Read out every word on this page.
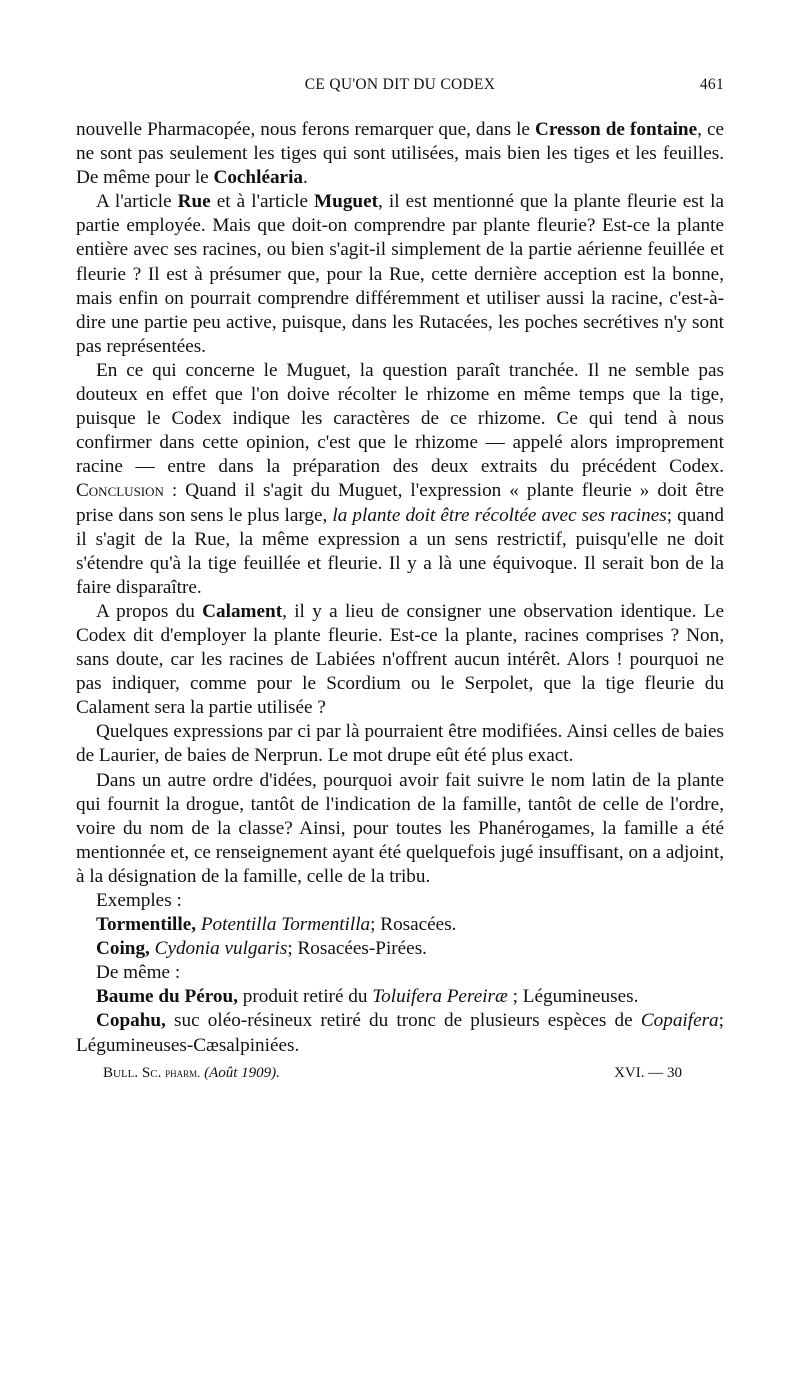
CE QU'ON DIT DU CODEX	461

nouvelle Pharmacopée, nous ferons remarquer que, dans le Cresson de fontaine, ce ne sont pas seulement les tiges qui sont utilisées, mais bien les tiges et les feuilles. De même pour le Cochléaria.

A l'article Rue et à l'article Muguet, il est mentionné que la plante fleurie est la partie employée. Mais que doit-on comprendre par plante fleurie? Est-ce la plante entière avec ses racines, ou bien s'agit-il simplement de la partie aérienne feuillée et fleurie ? Il est à présumer que, pour la Rue, cette dernière acception est la bonne, mais enfin on pourrait comprendre différemment et utiliser aussi la racine, c'est-à-dire une partie peu active, puisque, dans les Rutacées, les poches secrétives n'y sont pas représentées.

En ce qui concerne le Muguet, la question paraît tranchée. Il ne semble pas douteux en effet que l'on doive récolter le rhizome en même temps que la tige, puisque le Codex indique les caractères de ce rhizome. Ce qui tend à nous confirmer dans cette opinion, c'est que le rhizome — appelé alors improprement racine — entre dans la préparation des deux extraits du précédent Codex. Conclusion : Quand il s'agit du Muguet, l'expression « plante fleurie » doit être prise dans son sens le plus large, la plante doit être récoltée avec ses racines; quand il s'agit de la Rue, la même expression a un sens restrictif, puisqu'elle ne doit s'étendre qu'à la tige feuillée et fleurie. Il y a là une équivoque. Il serait bon de la faire disparaître.

A propos du Calament, il y a lieu de consigner une observation identique. Le Codex dit d'employer la plante fleurie. Est-ce la plante, racines comprises ? Non, sans doute, car les racines de Labiées n'offrent aucun intérêt. Alors ! pourquoi ne pas indiquer, comme pour le Scordium ou le Serpolet, que la tige fleurie du Calament sera la partie utilisée ?

Quelques expressions par ci par là pourraient être modifiées. Ainsi celles de baies de Laurier, de baies de Nerprun. Le mot drupe eût été plus exact.

Dans un autre ordre d'idées, pourquoi avoir fait suivre le nom latin de la plante qui fournit la drogue, tantôt de l'indication de la famille, tantôt de celle de l'ordre, voire du nom de la classe? Ainsi, pour toutes les Phanérogames, la famille a été mentionnée et, ce renseignement ayant été quelquefois jugé insuffisant, on a adjoint, à la désignation de la famille, celle de la tribu.

Exemples :

Tormentille, Potentilla Tormentilla; Rosacées.

Coing, Cydonia vulgaris; Rosacées-Pirées.

De même :

Baume du Pérou, produit retiré du Toluifera Pereiræ ; Légumineuses.

Copahu, suc oléo-résineux retiré du tronc de plusieurs espèces de Copaifera; Légumineuses-Cæsalpiniées.

Bull. Sc. pharm. (Août 1909).	XVI. — 30
